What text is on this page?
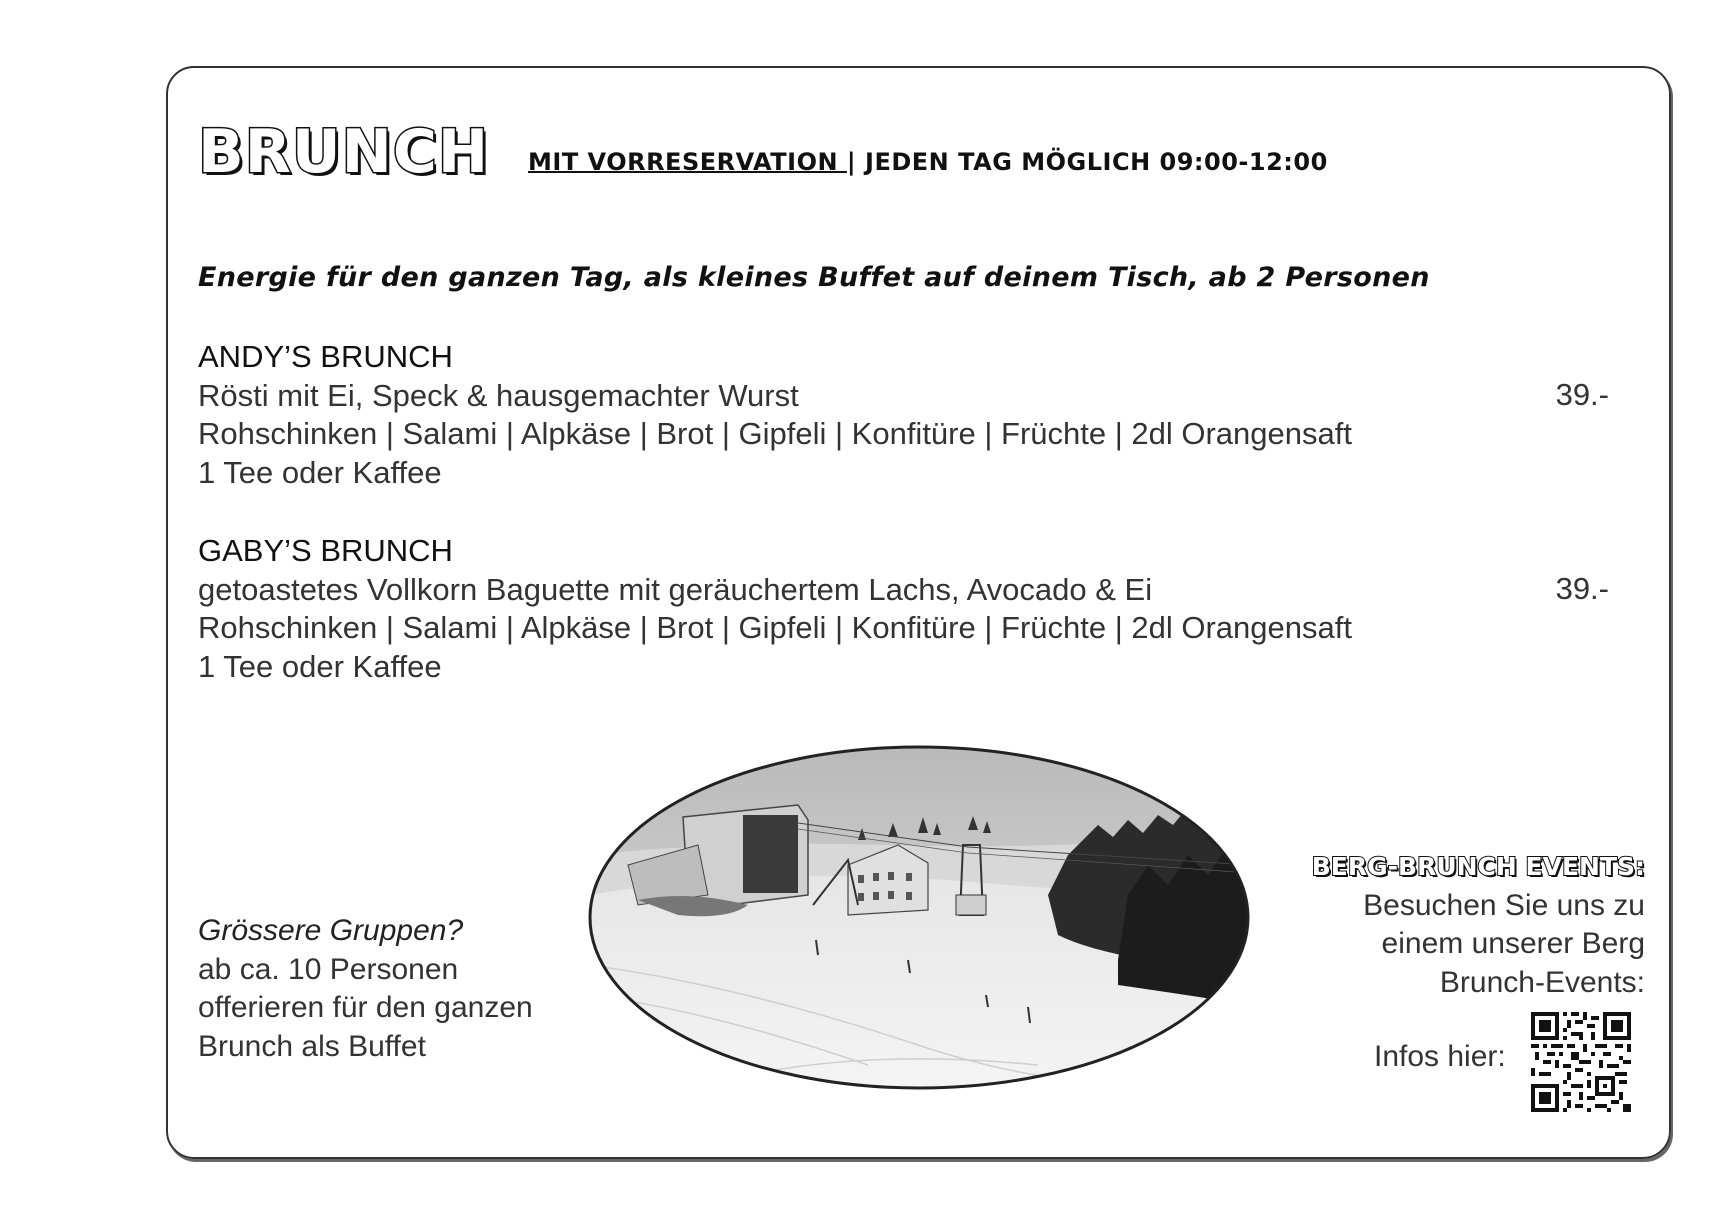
BRUNCH MIT VORRESERVATION | JEDEN TAG MÖGLICH 09:00-12:00
Energie für den ganzen Tag, als kleines Buffet auf deinem Tisch, ab 2 Personen
ANDY’S BRUNCH
Rösti mit Ei, Speck & hausgemachter Wurst
Rohschinken | Salami | Alpkäse | Brot | Gipfeli | Konfitüre | Früchte | 2dl Orangensaft
1 Tee oder Kaffee
39.-
GABY’S BRUNCH
getoastetes Vollkorn Baguette mit geräuchertem Lachs, Avocado & Ei
Rohschinken | Salami | Alpkäse | Brot | Gipfeli | Konfitüre | Früchte | 2dl Orangensaft
1 Tee oder Kaffee
39.-
Grössere Gruppen?
ab ca. 10 Personen
offerieren für den ganzen
Brunch als Buffet
BERG-BRUNCH EVENTS:
Besuchen Sie uns zu
einem unserer Berg
Brunch-Events:
Infos hier:
